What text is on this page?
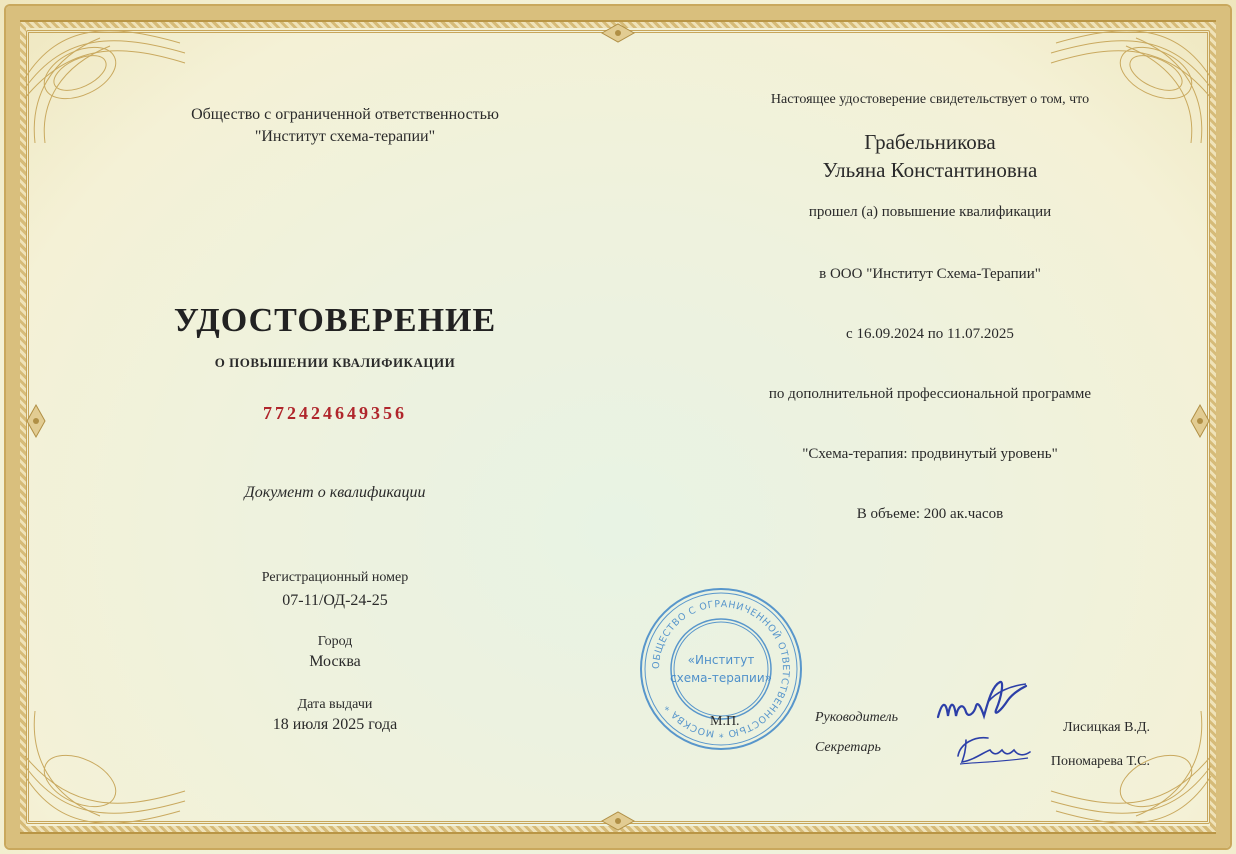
Общество с ограниченной ответственностью
"Институт схема-терапии"
УДОСТОВЕРЕНИЕ
О ПОВЫШЕНИИ КВАЛИФИКАЦИИ
772424649356
Документ о квалификации
Регистрационный номер
07-11/ОД-24-25
Город
Москва
Дата выдачи
18 июля 2025 года
Настоящее удостоверение свидетельствует о том, что
Грабельникова
Ульяна Константиновна
прошел (а) повышение квалификации
в ООО "Институт Схема-Терапии"
с 16.09.2024 по 11.07.2025
по дополнительной профессиональной программе
"Схема-терапия: продвинутый уровень"
В объеме: 200 ак.часов
ОБЩЕСТВО С ОГРАНИЧЕННОЙ ОТВЕТСТВЕННОСТЬЮ * МОСКВА *
«Институт
схема-терапии»
М.П.	Руководитель
Секретарь
Лисицкая В.Д.
Пономарева Т.С.
